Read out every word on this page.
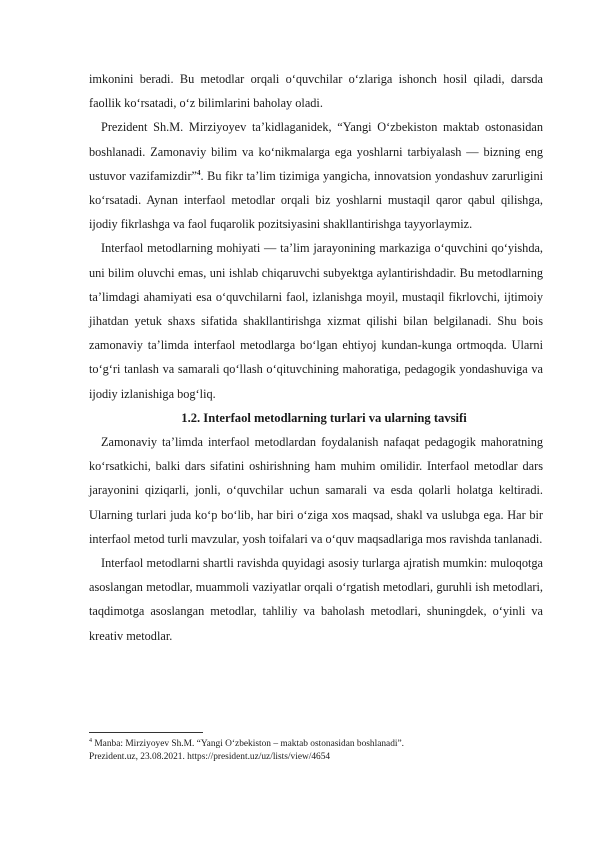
imkonini beradi. Bu metodlar orqali o‘quvchilar o‘zlariga ishonch hosil qiladi, darsda faollik ko‘rsatadi, o‘z bilimlarini baholay oladi.

Prezident Sh.M. Mirziyoyev ta’kidlaganidek, “Yangi O‘zbekiston maktab ostonasidan boshlanadi. Zamonaviy bilim va ko‘nikmalarga ega yoshlarni tarbiyalash — bizning eng ustuvor vazifamizdir”$^4$. Bu fikr ta’lim tizimiga yangicha, innovatsion yondashuv zarurligini ko‘rsatadi. Aynan interfaol metodlar orqali biz yoshlarni mustaqil qaror qabul qilishga, ijodiy fikrlashga va faol fuqarolik pozitsiyasini shakllantirishga tayyorlaymiz.

Interfaol metodlarning mohiyati — ta’lim jarayonining markaziga o‘quvchini qo‘yishda, uni bilim oluvchi emas, uni ishlab chiqaruvchi subyektga aylantirishdadir. Bu metodlarning ta’limdagi ahamiyati esa o‘quvchilarni faol, izlanishga moyil, mustaqil fikrlovchi, ijtimoiy jihatdan yetuk shaxs sifatida shakllantirishga xizmat qilishi bilan belgilanadi. Shu bois zamonaviy ta’limda interfaol metodlarga bo‘lgan ehtiyoj kundan-kunga ortmoqda. Ularni to‘g‘ri tanlash va samarali qo‘llash o‘qituvchining mahoratiga, pedagogik yondashuviga va ijodiy izlanishiga bog‘liq.

1.2. Interfaol metodlarning turlari va ularning tavsifi

Zamonaviy ta’limda interfaol metodlardan foydalanish nafaqat pedagogik mahoratning ko‘rsatkichi, balki dars sifatini oshirishning ham muhim omilidir. Interfaol metodlar dars jarayonini qiziqarli, jonli, o‘quvchilar uchun samarali va esda qolarli holatga keltiradi. Ularning turlari juda ko‘p bo‘lib, har biri o‘ziga xos maqsad, shakl va uslubga ega. Har bir interfaol metod turli mavzular, yosh toifalari va o‘quv maqsadlariga mos ravishda tanlanadi.

Interfaol metodlarni shartli ravishda quyidagi asosiy turlarga ajratish mumkin: muloqotga asoslangan metodlar, muammoli vaziyatlar orqali o‘rgatish metodlari, guruhli ish metodlari, taqdimotga asoslangan metodlar, tahliliy va baholash metodlari, shuningdek, o‘yinli va kreativ metodlar.

$^4$ Manba: Mirziyoyev Sh.M. “Yangi O‘zbekiston – maktab ostonasidan boshlanadi”.
Prezident.uz, 23.08.2021. https://president.uz/uz/lists/view/4654
